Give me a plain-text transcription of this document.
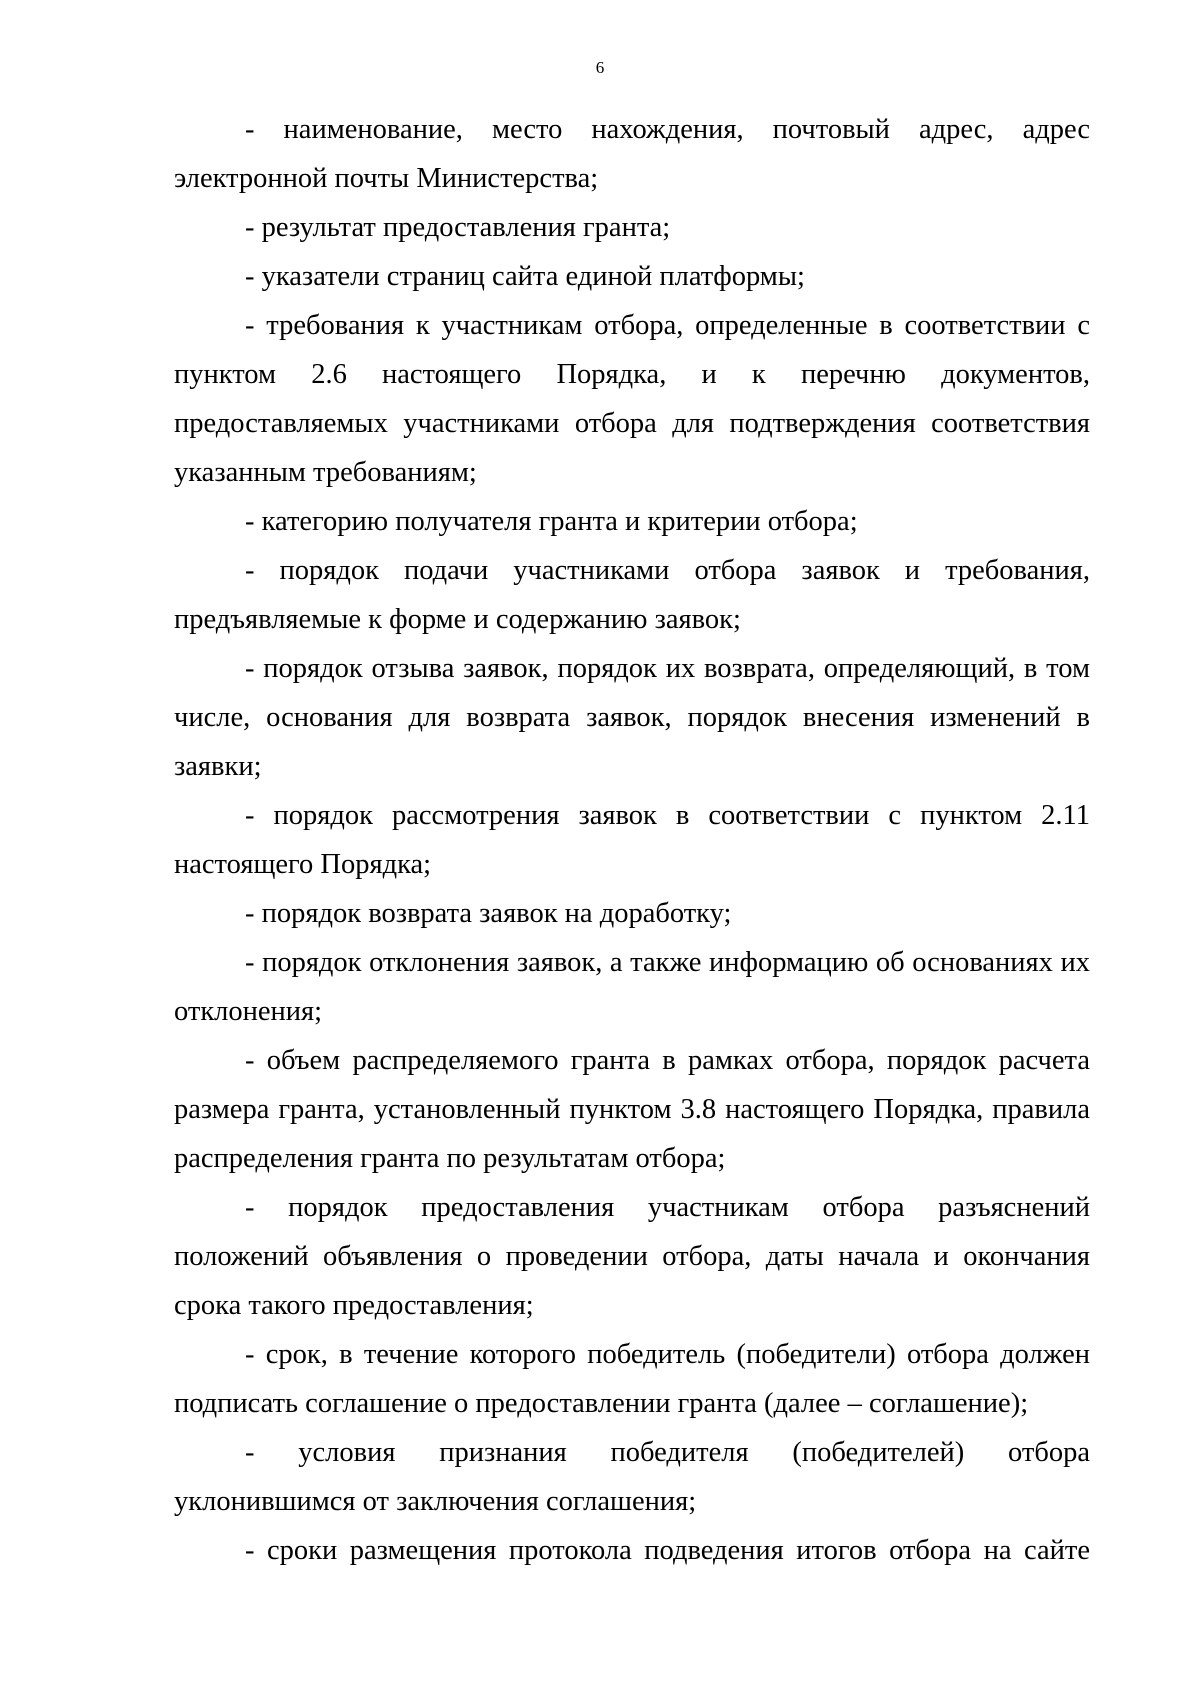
6

- наименование, место нахождения, почтовый адрес, адрес электронной почты Министерства;

- результат предоставления гранта;

- указатели страниц сайта единой платформы;

- требования к участникам отбора, определенные в соответствии с пунктом 2.6 настоящего Порядка, и к перечню документов, предоставляемых участниками отбора для подтверждения соответствия указанным требованиям;

- категорию получателя гранта и критерии отбора;

- порядок подачи участниками отбора заявок и требования, предъявляемые к форме и содержанию заявок;

- порядок отзыва заявок, порядок их возврата, определяющий, в том числе, основания для возврата заявок, порядок внесения изменений в заявки;

- порядок рассмотрения заявок в соответствии с пунктом 2.11 настоящего Порядка;

- порядок возврата заявок на доработку;

- порядок отклонения заявок, а также информацию об основаниях их отклонения;

- объем распределяемого гранта в рамках отбора, порядок расчета размера гранта, установленный пунктом 3.8 настоящего Порядка, правила распределения гранта по результатам отбора;

- порядок предоставления участникам отбора разъяснений положений объявления о проведении отбора, даты начала и окончания срока такого предоставления;

- срок, в течение которого победитель (победители) отбора должен подписать соглашение о предоставлении гранта (далее – соглашение);

- условия признания победителя (победителей) отбора уклонившимся от заключения соглашения;

- сроки размещения протокола подведения итогов отбора на сайте
